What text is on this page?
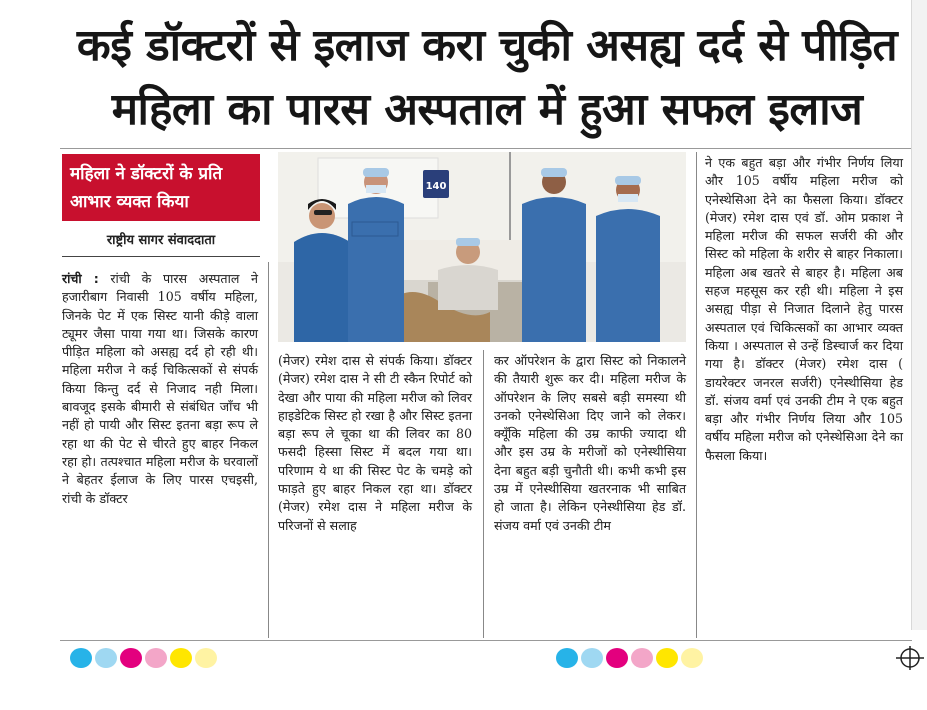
कई डॉक्टरों से इलाज करा चुकी असह्य दर्द से पीड़ित
महिला का पारस अस्पताल में हुआ सफल इलाज
महिला ने डॉक्टरों के प्रति आभार व्यक्त किया
राष्ट्रीय सागर संवाददाता

रांची : रांची के पारस अस्पताल ने हजारीबाग निवासी 105 वर्षीय महिला, जिनके पेट में एक सिस्ट यानी कीड़े वाला ट्यूमर जैसा पाया गया था। जिसके कारण पीड़ित महिला को असह्य दर्द हो रही थी। महिला मरीज ने कई चिकित्सकों से संपर्क किया किन्तु दर्द से निजाद नही मिला। बावजूद इसके बीमारी से संबंधित जाँच भी नहीं हो पायी और सिस्ट इतना बड़ा रूप ले रहा था की पेट से चीरते हुए बाहर निकल रहा हो। तत्पश्चात महिला मरीज के घरवालों ने बेहतर ईलाज के लिए पारस एचइसी, रांची के डॉक्टर

140

(मेजर) रमेश दास से संपर्क किया। डॉक्टर (मेजर) रमेश दास ने सी टी स्कैन रिपोर्ट को देखा और पाया की महिला मरीज को लिवर हाइडेटिक सिस्ट हो रखा है और सिस्ट इतना बड़ा रूप ले चूका था की लिवर का 80 फसदी हिस्सा सिस्ट में बदल गया था। परिणाम ये था की सिस्ट पेट के चमड़े को फाड़ते हुए बाहर निकल रहा था। डॉक्टर (मेजर) रमेश दास ने महिला मरीज के परिजनों से सलाह

कर ऑपरेशन के द्वारा सिस्ट को निकालने की तैयारी शुरू कर दी। महिला मरीज के ऑपरेशन के लिए सबसे बड़ी समस्या थी उनको एनेस्थेसिआ दिए जाने को लेकर। क्यूँकि महिला की उम्र काफी ज्यादा थी और इस उम्र के मरीजों को एनेस्थीसिया देना बहुत बड़ी चुनौती थी। कभी कभी इस उम्र में एनेस्थीसिया खतरनाक भी साबित हो जाता है। लेकिन एनेस्थीसिया हेड डॉ. संजय वर्मा एवं उनकी टीम

ने एक बहुत बड़ा और गंभीर निर्णय लिया और 105 वर्षीय महिला मरीज को एनेस्थेसिआ देने का फैसला किया। डॉक्टर (मेजर) रमेश दास एवं डॉ. ओम प्रकाश ने महिला मरीज की सफल सर्जरी की और सिस्ट को महिला के शरीर से बाहर निकाला। महिला अब खतरे से बाहर है। महिला अब सहज महसूस कर रही थी। महिला ने इस असह्य पीड़ा से निजात दिलाने हेतु पारस अस्पताल एवं चिकित्सकों का आभार व्यक्त किया । अस्पताल से उन्हें डिस्चार्ज कर दिया गया है। डॉक्टर (मेजर) रमेश दास ( डायरेक्टर जनरल सर्जरी) एनेस्थीसिया हेड डॉ. संजय वर्मा एवं उनकी टीम ने एक बहुत बड़ा और गंभीर निर्णय लिया और 105 वर्षीय महिला मरीज को एनेस्थेसिआ देने का फैसला किया।
